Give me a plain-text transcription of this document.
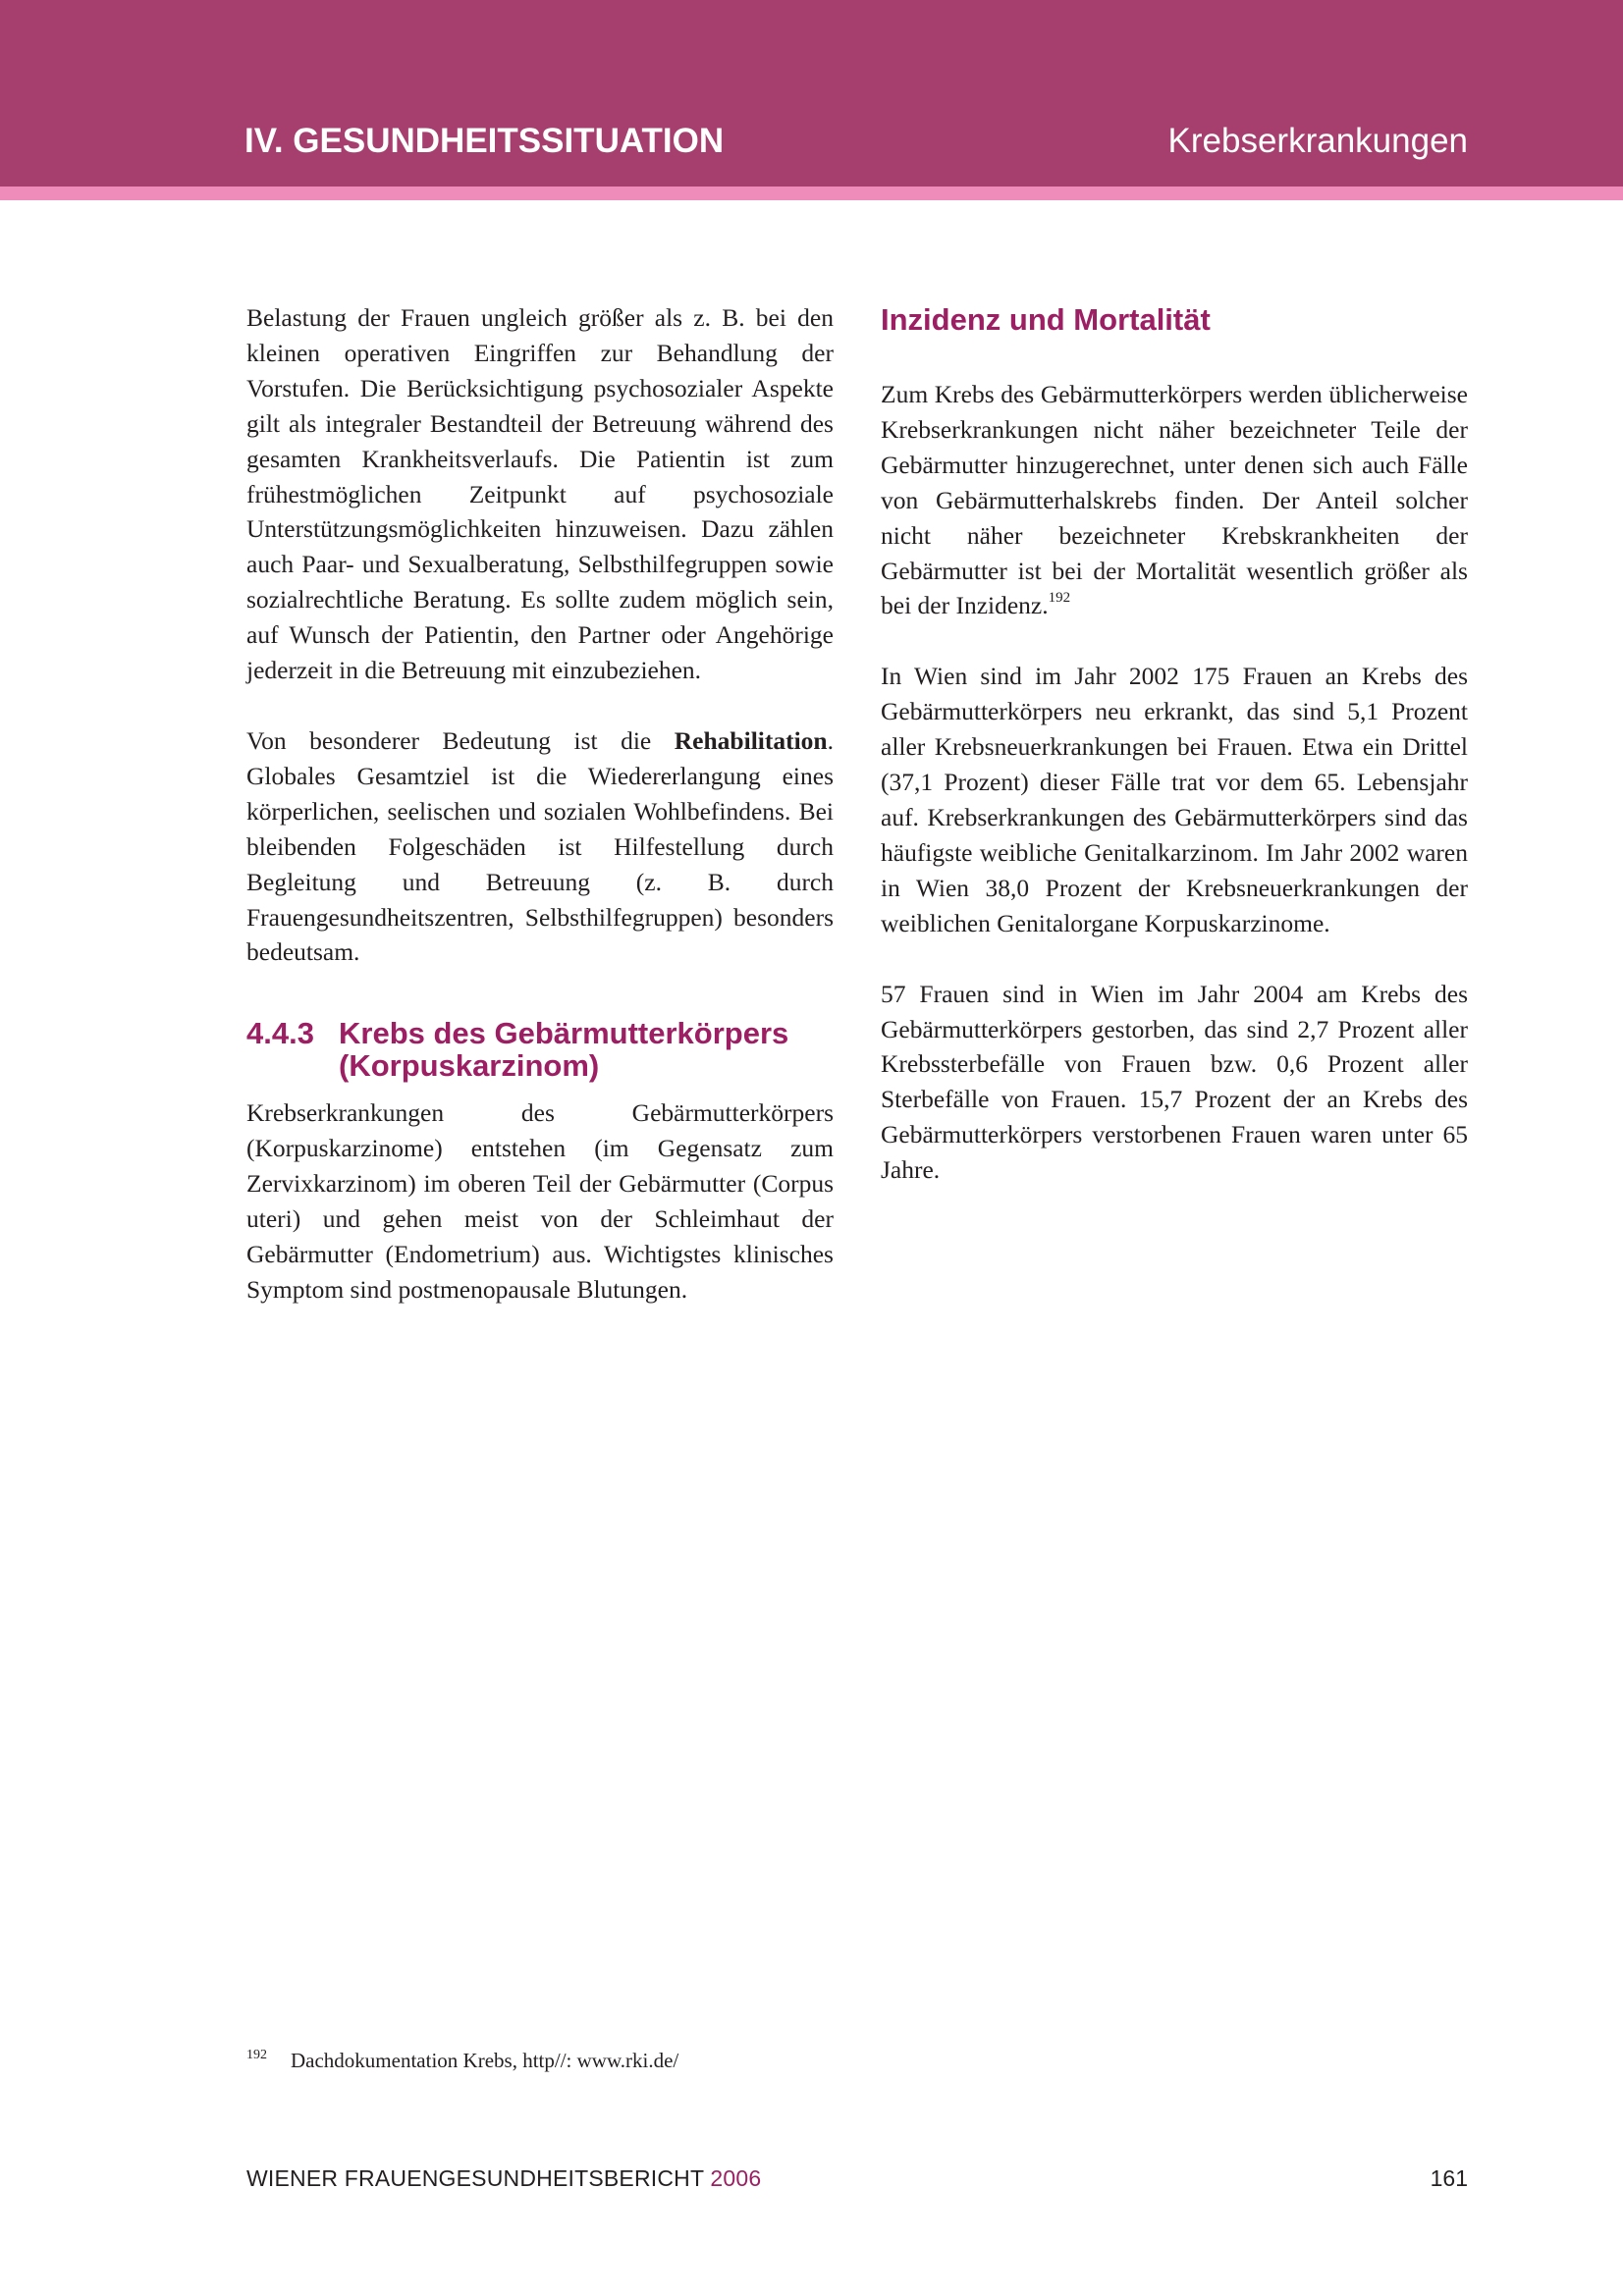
IV. GESUNDHEITSSITUATION	Krebserkrankungen

Belastung der Frauen ungleich größer als z. B. bei den kleinen operativen Eingriffen zur Behandlung der Vorstufen. Die Berücksichtigung psychosozialer Aspekte gilt als integraler Bestandteil der Betreuung während des gesamten Krankheitsverlaufs. Die Patientin ist zum frühestmöglichen Zeitpunkt auf psychosoziale Unterstützungsmöglichkeiten hinzuweisen. Dazu zählen auch Paar- und Sexualberatung, Selbsthilfegruppen sowie sozialrechtliche Beratung. Es sollte zudem möglich sein, auf Wunsch der Patientin, den Partner oder Angehörige jederzeit in die Betreuung mit einzubeziehen.

Von besonderer Bedeutung ist die Rehabilitation. Globales Gesamtziel ist die Wiedererlangung eines körperlichen, seelischen und sozialen Wohlbefindens. Bei bleibenden Folgeschäden ist Hilfestellung durch Begleitung und Betreuung (z. B. durch Frauengesundheitszentren, Selbsthilfegruppen) besonders bedeutsam.

4.4.3 Krebs des Gebärmutterkörpers
(Korpuskarzinom)

Krebserkrankungen des Gebärmutterkörpers (Korpuskarzinome) entstehen (im Gegensatz zum Zervixkarzinom) im oberen Teil der Gebärmutter (Corpus uteri) und gehen meist von der Schleimhaut der Gebärmutter (Endometrium) aus. Wichtigstes klinisches Symptom sind postmenopausale Blutungen.

Inzidenz und Mortalität

Zum Krebs des Gebärmutterkörpers werden üblicherweise Krebserkrankungen nicht näher bezeichneter Teile der Gebärmutter hinzugerechnet, unter denen sich auch Fälle von Gebärmutterhalskrebs finden. Der Anteil solcher nicht näher bezeichneter Krebskrankheiten der Gebärmutter ist bei der Mortalität wesentlich größer als bei der Inzidenz.$^{192}$

In Wien sind im Jahr 2002 175 Frauen an Krebs des Gebärmutterkörpers neu erkrankt, das sind 5,1 Prozent aller Krebsneuerkrankungen bei Frauen. Etwa ein Drittel (37,1 Prozent) dieser Fälle trat vor dem 65. Lebensjahr auf. Krebserkrankungen des Gebärmutterkörpers sind das häufigste weibliche Genitalkarzinom. Im Jahr 2002 waren in Wien 38,0 Prozent der Krebsneuerkrankungen der weiblichen Genitalorgane Korpuskarzinome.

57 Frauen sind in Wien im Jahr 2004 am Krebs des Gebärmutterkörpers gestorben, das sind 2,7 Prozent aller Krebssterbefälle von Frauen bzw. 0,6 Prozent aller Sterbefälle von Frauen. 15,7 Prozent der an Krebs des Gebärmutterkörpers verstorbenen Frauen waren unter 65 Jahre.

$^{192}$ Dachdokumentation Krebs, http//: www.rki.de/
WIENER FRAUENGESUNDHEITSBERICHT 2006	161
